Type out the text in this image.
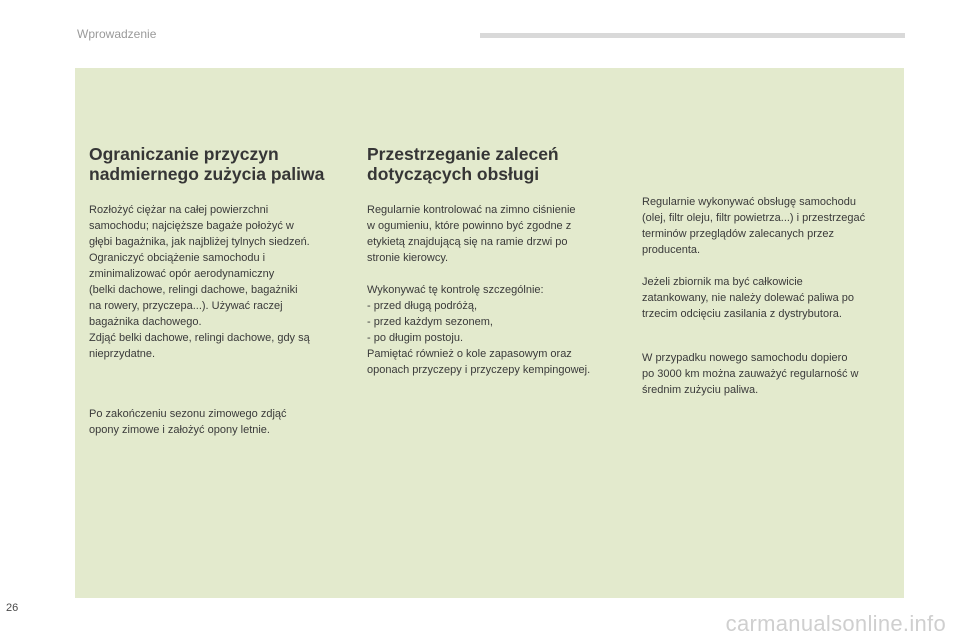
Wprowadzenie
Ograniczanie przyczyn
nadmiernego zużycia paliwa

Rozłożyć ciężar na całej powierzchni
samochodu; najcięższe bagaże położyć w
głębi bagażnika, jak najbliżej tylnych siedzeń.
Ograniczyć obciążenie samochodu i
zminimalizować opór aerodynamiczny
(belki dachowe, relingi dachowe, bagażniki
na rowery, przyczepa...). Używać raczej
bagażnika dachowego.
Zdjąć belki dachowe, relingi dachowe, gdy są
nieprzydatne.

Po zakończeniu sezonu zimowego zdjąć
opony zimowe i założyć opony letnie.

Przestrzeganie zaleceń
dotyczących obsługi

Regularnie kontrolować na zimno ciśnienie
w ogumieniu, które powinno być zgodne z
etykietą znajdującą się na ramie drzwi po
stronie kierowcy.

Wykonywać tę kontrolę szczególnie:
- przed długą podróżą,
- przed każdym sezonem,
- po długim postoju.
Pamiętać również o kole zapasowym oraz
oponach przyczepy i przyczepy kempingowej.

Regularnie wykonywać obsługę samochodu
(olej, filtr oleju, filtr powietrza...) i przestrzegać
terminów przeglądów zalecanych przez
producenta.

Jeżeli zbiornik ma być całkowicie
zatankowany, nie należy dolewać paliwa po
trzecim odcięciu zasilania z dystrybutora.

W przypadku nowego samochodu dopiero
po 3000 km można zauważyć regularność w
średnim zużyciu paliwa.

26
carmanualsonline.info
